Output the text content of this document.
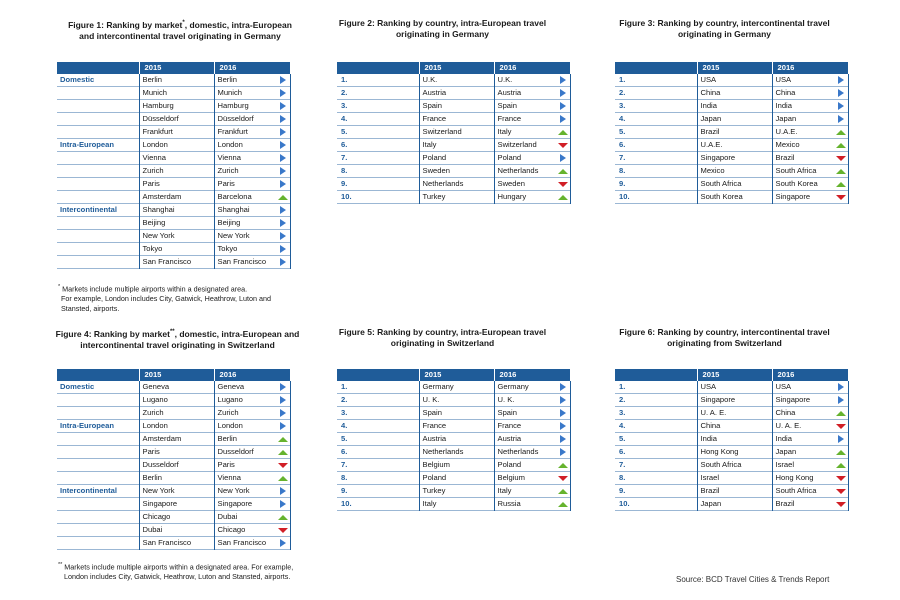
Figure 1: Ranking by market*, domestic, intra-European
and intercontinental travel originating in Germany
	2015	2016
Domestic	Berlin	Berlin

	Munich	Munich

	Hamburg	Hamburg

	Düsseldorf	Düsseldorf

	Frankfurt	Frankfurt

Intra-European	London	London

	Vienna	Vienna

	Zurich	Zurich

	Paris	Paris

	Amsterdam	Barcelona

Intercontinental	Shanghai	Shanghai

	Beijing	Beijing

	New York	New York

	Tokyo	Tokyo

	San Francisco	San Francisco
Figure 2: Ranking by country, intra-European travel
originating in Germany
	2015	2016
1.	U.K.	U.K.

2.	Austria	Austria

3.	Spain	Spain

4.	France	France

5.	Switzerland	Italy

6.	Italy	Switzerland

7.	Poland	Poland

8.	Sweden	Netherlands

9.	Netherlands	Sweden

10.	Turkey	Hungary
Figure 3: Ranking by country, intercontinental travel
originating in Germany
	2015	2016
1.	USA	USA

2.	China	China

3.	India	India

4.	Japan	Japan

5.	Brazil	U.A.E.

6.	U.A.E.	Mexico

7.	Singapore	Brazil

8.	Mexico	South Africa

9.	South Africa	South Korea

10.	South Korea	Singapore
* Markets include multiple airports within a designated area.
For example, London includes City, Gatwick, Heathrow, Luton and
Stansted, airports.
Figure 4: Ranking by market**, domestic, intra-European and
intercontinental travel originating in Switzerland
	2015	2016
Domestic	Geneva	Geneva

	Lugano	Lugano

	Zurich	Zurich

Intra-European	London	London

	Amsterdam	Berlin

	Paris	Dusseldorf

	Dusseldorf	Paris

	Berlin	Vienna

Intercontinental	New York	New York

	Singapore	Singapore

	Chicago	Dubai

	Dubai	Chicago

	San Francisco	San Francisco
Figure 5: Ranking by country, intra-European travel
originating in Switzerland
	2015	2016
1.	Germany	Germany

2.	U. K.	U. K.

3.	Spain	Spain

4.	France	France

5.	Austria	Austria

6.	Netherlands	Netherlands

7.	Belgium	Poland

8.	Poland	Belgium

9.	Turkey	Italy

10.	Italy	Russia
Figure 6: Ranking by country, intercontinental travel
originating from Switzerland
	2015	2016
1.	USA	USA

2.	Singapore	Singapore

3.	U. A. E.	China

4.	China	U. A. E.

5.	India	India

6.	Hong Kong	Japan

7.	South Africa	Israel

8.	Israel	Hong Kong

9.	Brazil	South Africa

10.	Japan	Brazil
** Markets include multiple airports within a designated area. For example,
London includes City, Gatwick, Heathrow, Luton and Stansted, airports.	Source: BCD Travel Cities & Trends Report
